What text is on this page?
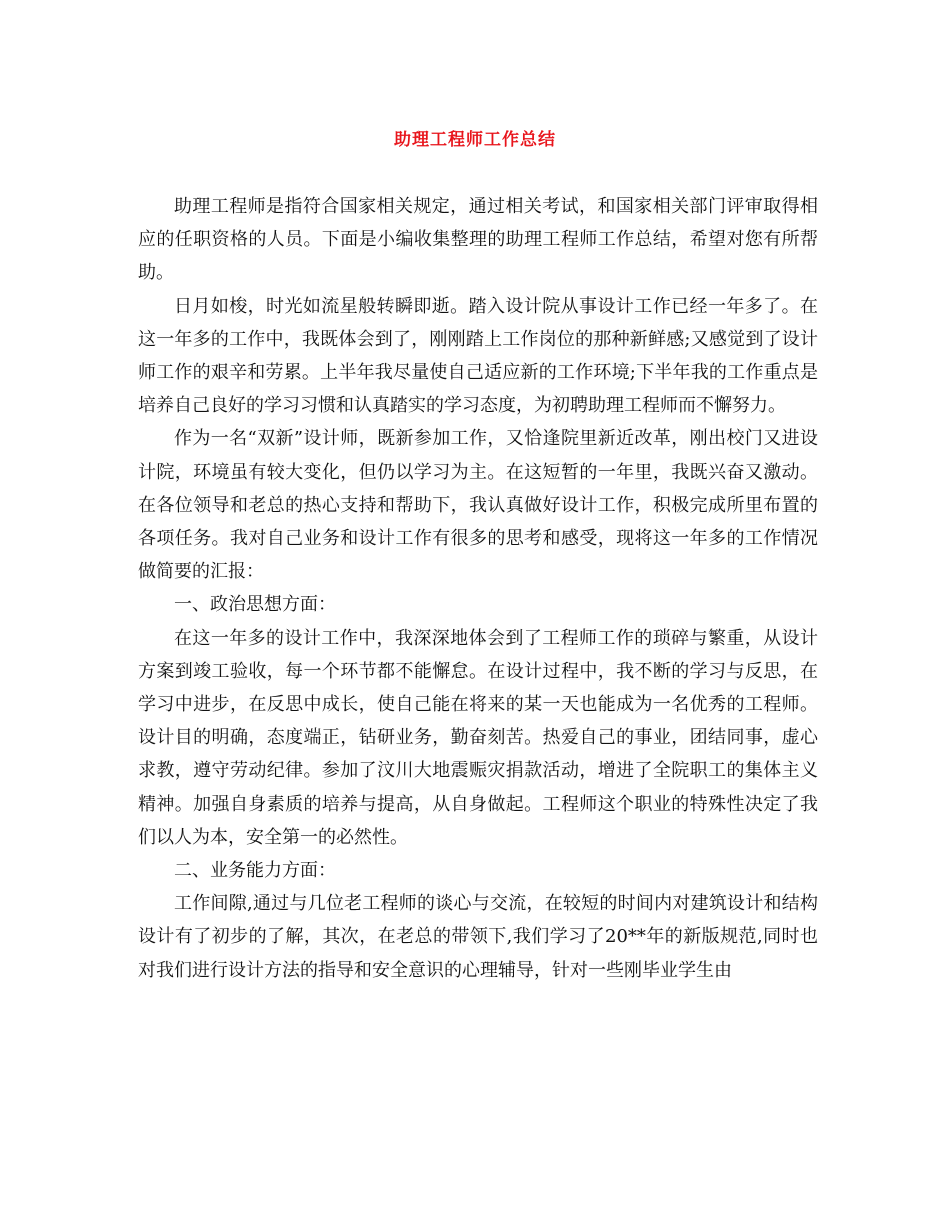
助理工程师工作总结

助理工程师是指符合国家相关规定，通过相关考试，和国家相关部门评审取得相应的任职资格的人员。下面是小编收集整理的助理工程师工作总结，希望对您有所帮助。

日月如梭，时光如流星般转瞬即逝。踏入设计院从事设计工作已经一年多了。在这一年多的工作中，我既体会到了，刚刚踏上工作岗位的那种新鲜感;又感觉到了设计师工作的艰辛和劳累。上半年我尽量使自己适应新的工作环境;下半年我的工作重点是培养自己良好的学习习惯和认真踏实的学习态度，为初聘助理工程师而不懈努力。

作为一名“双新”设计师，既新参加工作，又恰逢院里新近改革，刚出校门又进设计院，环境虽有较大变化，但仍以学习为主。在这短暂的一年里，我既兴奋又激动。在各位领导和老总的热心支持和帮助下，我认真做好设计工作，积极完成所里布置的各项任务。我对自己业务和设计工作有很多的思考和感受，现将这一年多的工作情况做简要的汇报：

一、政治思想方面：

在这一年多的设计工作中，我深深地体会到了工程师工作的琐碎与繁重，从设计方案到竣工验收，每一个环节都不能懈怠。在设计过程中，我不断的学习与反思，在学习中进步，在反思中成长，使自己能在将来的某一天也能成为一名优秀的工程师。设计目的明确，态度端正，钻研业务，勤奋刻苦。热爱自己的事业，团结同事，虚心求教，遵守劳动纪律。参加了汶川大地震赈灾捐款活动，增进了全院职工的集体主义精神。加强自身素质的培养与提高，从自身做起。工程师这个职业的特殊性决定了我们以人为本，安全第一的必然性。

二、业务能力方面：

工作间隙,通过与几位老工程师的谈心与交流，在较短的时间内对建筑设计和结构设计有了初步的了解，其次，在老总的带领下,我们学习了20**年的新版规范,同时也对我们进行设计方法的指导和安全意识的心理辅导，针对一些刚毕业学生由
